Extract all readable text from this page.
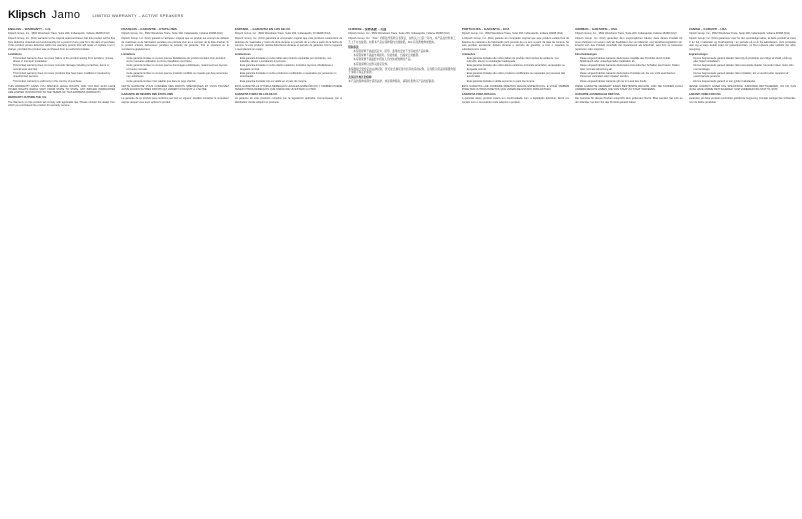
Klipsch Jamo	LIMITED WARRANTY – ACTIVE SPEAKERS
ENGLISH – WARRANTY – U.S.

Klipsch Group, Inc., 3502 Woodview Trace, Suite 200, Indianapolis, Indiana 46268 (KGI)

Klipsch Group, Inc. (KGI) warrants to the original retail purchaser that this product will be free from defective materials and workmanship for a period of one year from the date of purchase. If this product proves defective within the warranty period, KGI will repair or replace it at no charge, provided the product was purchased from an authorized dealer.

Limitations
• This limited warranty does not cover failure of the product arising from accident, misuse, abuse or improper installation.
• This limited warranty does not cover cosmetic damage including scratches, dents or normal wear and tear.
• This limited warranty does not cover products that have been modified or repaired by unauthorized persons.
• This limited warranty is valid only in the country of purchase.

THIS WARRANTY GIVES YOU SPECIFIC LEGAL RIGHTS, AND YOU MAY ALSO HAVE OTHER RIGHTS WHICH VARY FROM STATE TO STATE. ANY IMPLIED WARRANTIES ARE LIMITED IN DURATION TO THE TERMS OF THIS EXPRESS WARRANTY.

WARRANTY OUTSIDE THE U.S.

The Warranty on this product will comply with applicable law. Please contact the dealer from which you purchased the product for warranty service.

FRANÇAIS – GARANTIE – ÉTATS-UNIS

Klipsch Group, Inc., 3502 Woodview Trace, Suite 200, Indianapolis, Indiana 46268 (KGI)

Klipsch Group, Inc. (KGI) garantit à l'acheteur original que ce produit est exempt de défauts de matériaux et de fabrication pendant une période d'un an à compter de la date d'achat. Si le produit s'avère défectueux pendant la période de garantie, KGI le réparera ou le remplacera gratuitement.

Limitations
• Cette garantie limitée ne couvre pas les défaillances du produit résultant d'un accident, d'une mauvaise utilisation ou d'une installation incorrecte.
• Cette garantie limitée ne couvre pas les dommages esthétiques, notamment les rayures et l'usure normale.
• Cette garantie limitée ne couvre pas les produits modifiés ou réparés par des personnes non autorisées.
• Cette garantie limitée n'est valable que dans le pays d'achat.

CETTE GARANTIE VOUS CONFÈRE DES DROITS SPÉCIFIQUES ET VOUS POUVEZ AUSSI AVOIR D'AUTRES DROITS QUI VARIENT D'UN ÉTAT À L'AUTRE.

GARANTIE EN DEHORS DES ÉTATS-UNIS

La garantie de ce produit sera conforme aux lois en vigueur. Veuillez contacter le revendeur auprès duquel vous avez acheté le produit.

ESPAÑOL – GARANTÍA EN LOS EE.UU.

Klipsch Group, Inc., 3502 Woodview Trace, Suite 200, Indianapolis, IN 46268 (KGI)

Klipsch Group, Inc. (KGI) garantiza al comprador original que este producto estará libre de defectos de materiales y mano de obra durante un período de un año a partir de la fecha de compra. Si este producto resulta defectuoso durante el período de garantía, KGI lo reparará o reemplazará sin cargo.

Limitaciones
• Esta garantía limitada no cubre fallas del producto causadas por accidente, uso indebido, abuso o instalación incorrecta.
• Esta garantía limitada no cubre daños estéticos, incluidos rayones, abolladuras o desgaste normal.
• Esta garantía limitada no cubre productos modificados o reparados por personas no autorizadas.
• Esta garantía limitada solo es válida en el país de compra.

ESTA GARANTÍA LE OTORGA DERECHOS LEGALES ESPECÍFICOS Y TAMBIÉN PUEDE TENER OTROS DERECHOS QUE VARÍAN DE UN ESTADO A OTRO.

GARANTÍA FUERA DE LOS EE.UU.

La garantía de este producto cumplirá con la legislación aplicable. Comuníquese con el distribuidor donde adquirió el producto.

CHINESE – 保修条款 – 美国

Klipsch Group, Inc., 3502 Woodview Trace, Suite 200, Indianapolis, Indiana 46268 (KGI)

Klipsch Group, Inc.（KGI）向原始零售购买者保证，自购买之日起一年内，本产品在材料和工艺上不存在缺陷。如果本产品在保修期内出现缺陷，KGI 将免费维修或更换。

限制条款
• 本有限保修不涵盖因意外、误用、滥用或安装不当造成的产品故障。
• 本有限保修不涵盖外观损坏，包括划痕、凹痕或正常磨损。
• 本有限保修不涵盖经未授权人员改装或维修的产品。
• 本有限保修仅在购买国家有效。

本保修赋予您特定的法律权利，您可能还拥有因州而异的其他权利。任何默示保证的期限均限于本明示保证的条款。

美国以外地区的保修

本产品的保修将遵守适用法律。如需保修服务，请联系您购买产品的经销商。

PORTUGUÊS – GARANTIA – EUA

Klipsch Group, Inc., 3502 Woodview Trace, Suite 200, Indianapolis, Indiana 46268 (KGI)

A Klipsch Group, Inc. (KGI) garante ao comprador original que este produto estará livre de defeitos de material e de fabricação pelo período de um ano a partir da data da compra. Se este produto apresentar defeito durante o período de garantia, a KGI o reparará ou substituirá sem custo.

Limitações
• Esta garantia limitada não cobre falhas do produto decorrentes de acidente, uso indevido, abuso ou instalação inadequada.
• Esta garantia limitada não cobre danos estéticos, incluindo arranhões, amassados ou desgaste normal.
• Esta garantia limitada não cobre produtos modificados ou reparados por pessoas não autorizadas.
• Esta garantia limitada é válida somente no país da compra.

ESTA GARANTIA LHE CONFERE DIREITOS LEGAIS ESPECÍFICOS, E VOCÊ TAMBÉM PODE TER OUTROS DIREITOS QUE VARIAM DE ESTADO PARA ESTADO.

GARANTIA FORA DOS EUA

A garantia deste produto estará em conformidade com a legislação aplicável. Entre em contato com o revendedor onde adquiriu o produto.

GERMAN – GARANTIE – USA

Klipsch Group, Inc., 3502 Woodview Trace, Suite 200, Indianapolis, Indiana 46268 (KGI)

Klipsch Group, Inc. (KGI) garantiert dem ursprünglichen Käufer, dass dieses Produkt für einen Zeitraum von einem Jahr ab Kaufdatum frei von Material- und Verarbeitungsfehlern ist. Erweist sich das Produkt innerhalb der Garantiezeit als fehlerhaft, wird KGI es kostenlos reparieren oder ersetzen.

Einschränkungen
• Diese eingeschränkte Garantie deckt keine Ausfälle des Produkts durch Unfall, Missbrauch oder unsachgemäße Installation ab.
• Diese eingeschränkte Garantie deckt keine kosmetischen Schäden wie Kratzer, Dellen oder normale Abnutzung ab.
• Diese eingeschränkte Garantie deckt keine Produkte ab, die von nicht autorisierten Personen verändert oder repariert wurden.
• Diese eingeschränkte Garantie gilt nur im Land des Kaufs.

DIESE GARANTIE GEWÄHRT IHNEN BESTIMMTE RECHTE, UND SIE KÖNNEN AUCH ANDERE RECHTE HABEN, DIE VON STAAT ZU STAAT VARIIEREN.

GARANTIE AUSSERHALB DER USA

Die Garantie für dieses Produkt entspricht dem geltenden Recht. Bitte wenden Sie sich an den Händler, bei dem Sie das Produkt gekauft haben.

DANISH – GARANTI – USA

Klipsch Group, Inc., 3502 Woodview Trace, Suite 200, Indianapolis, Indiana 46268 (KGI)

Klipsch Group, Inc. (KGI) garanterer over for den oprindelige køber, at dette produkt vil være fri for fejl i materialer og forarbejdning i en periode på et år fra købsdatoen. Hvis produktet viser sig at være defekt inden for garantiperioden, vil KGI reparere eller udskifte det uden beregning.

Begrænsninger
• Denne begrænsede garanti dækker ikke fejl på produktet som følge af uheld, misbrug eller forkert installation.
• Denne begrænsede garanti dækker ikke kosmetiske skader, herunder ridser, buler eller normal slitage.
• Denne begrænsede garanti dækker ikke produkter, der er ændret eller repareret af uautoriserede personer.
• Denne begrænsede garanti er kun gyldig i købslandet.

DENNE GARANTI GIVER DIG SPECIFIKKE JURIDISKE RETTIGHEDER, OG DU KAN OGSÅ HAVE ANDRE RETTIGHEDER, SOM VARIERER FRA STAT TIL STAT.

GARANTI UDEN FOR USA

Garantien på dette produkt overholder gældende lovgivning. Kontakt venligst den forhandler, hvor du købte produktet.
